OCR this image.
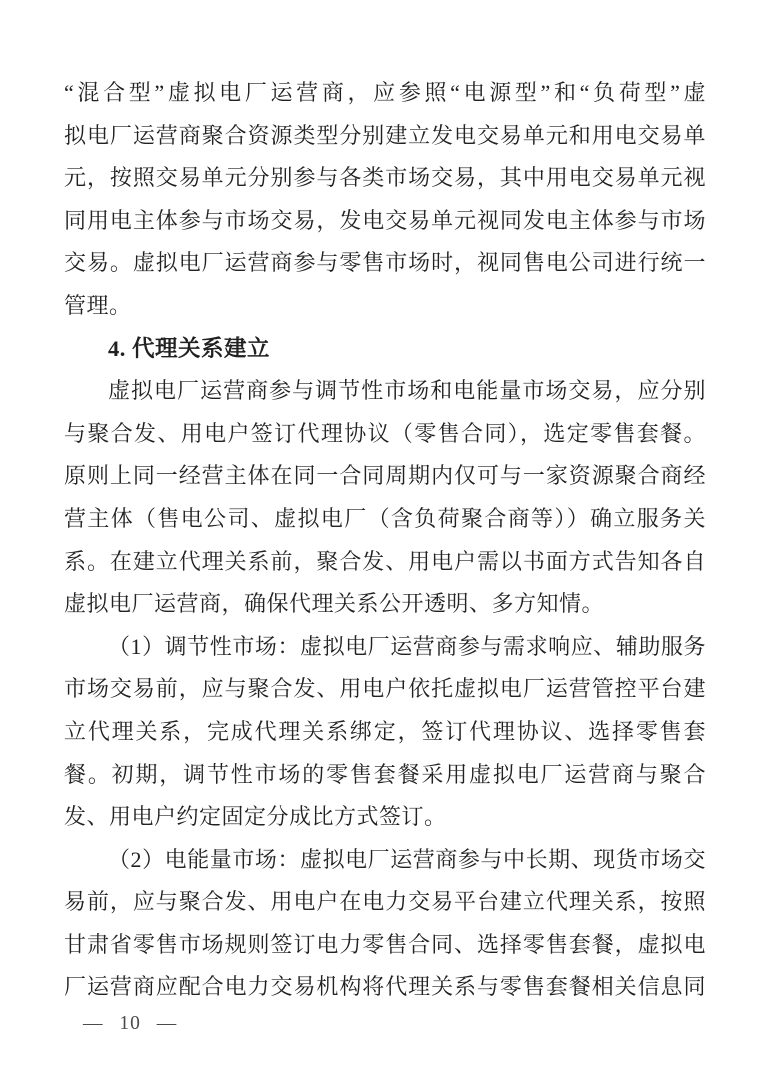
“混合型”虚拟电厂运营商，应参照“电源型”和“负荷型”虚
拟电厂运营商聚合资源类型分别建立发电交易单元和用电交易单
元，按照交易单元分别参与各类市场交易，其中用电交易单元视
同用电主体参与市场交易，发电交易单元视同发电主体参与市场
交易。虚拟电厂运营商参与零售市场时，视同售电公司进行统一
管理。
4. 代理关系建立
虚拟电厂运营商参与调节性市场和电能量市场交易，应分别
与聚合发、用电户签订代理协议（零售合同），选定零售套餐。
原则上同一经营主体在同一合同周期内仅可与一家资源聚合商经
营主体（售电公司、虚拟电厂（含负荷聚合商等））确立服务关
系。在建立代理关系前，聚合发、用电户需以书面方式告知各自
虚拟电厂运营商，确保代理关系公开透明、多方知情。
（1）调节性市场：虚拟电厂运营商参与需求响应、辅助服务
市场交易前，应与聚合发、用电户依托虚拟电厂运营管控平台建
立代理关系，完成代理关系绑定，签订代理协议、选择零售套
餐。初期，调节性市场的零售套餐采用虚拟电厂运营商与聚合
发、用电户约定固定分成比方式签订。
（2）电能量市场：虚拟电厂运营商参与中长期、现货市场交
易前，应与聚合发、用电户在电力交易平台建立代理关系，按照
甘肃省零售市场规则签订电力零售合同、选择零售套餐，虚拟电
厂运营商应配合电力交易机构将代理关系与零售套餐相关信息同
— 10 —
